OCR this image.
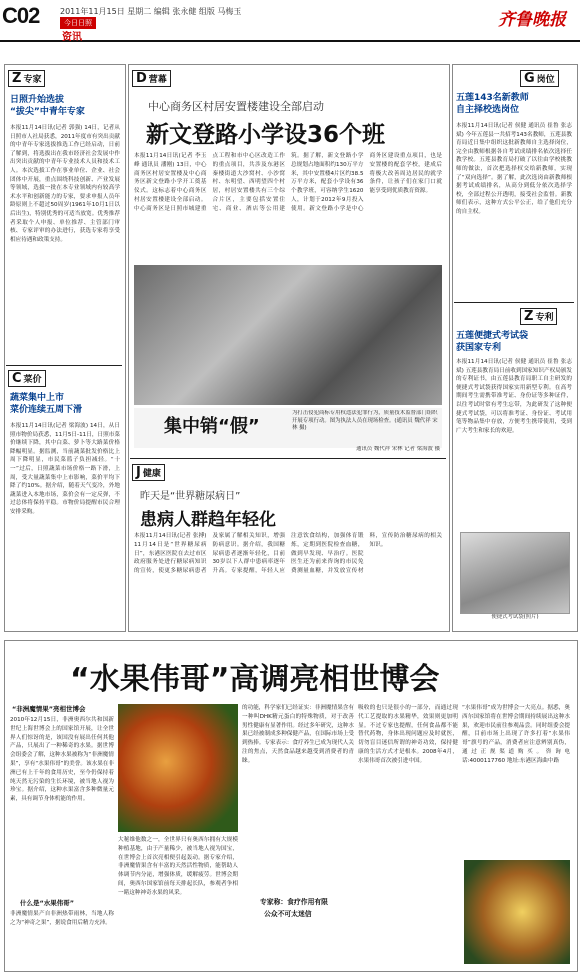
C02	2011年11月15日 星期二 编辑 张永健 组版 马梅玉
今日日照
资讯
齐鲁晚报
Z 专家
日照升始选拔
“拔尖”中青年专家
本报11月14日讯(记者 郭强) 14日，记者从日照市人社局获悉，2011年度市有突出贡献的中青年专家选拔推选工作已经启动，日前了解到，将选拔出在我市经济社会发展中作出突出贡献的中青年专业技术人员和技术工人。本次选拔工作在事业单位、企业、社会团体中开展，重点围绕科技创新、产业发展等领域，选拔一批在本专业领域内有较高学术水平和创新能力的专家，要求申报人员年龄原则上不超过50周岁(1961年10月1日以后出生)，特别优秀的可适当放宽。优秀推荐者采取个人申报、单位推荐、主管部门审核、专家评审的办法进行，获选专家将享受相应待遇和政策支持。
C 菜价
蔬菜集中上市
菜价连续五周下滑
本报11月14日讯(记者 梁海波) 14日，从日照市物价局获悉，11月5日-11日，日照市菜价继续下降，其中白菜、萝卜等大路菜价格降幅明显。据监测，当前蔬菜批发价格比上周下降明显，市民菜篮子负担减轻。“十一”过后，日照蔬菜市场价格一路下滑，上周，受大量蔬菜集中上市影响，菜价平均下降了约10%。据介绍，随着天气变冷，外地蔬菜进入本地市场，菜价会有一定反弹，不过总体将保持平稳。市物价局提醒市民合理安排采购。
D 营幕
中心商务区村居安置楼建设全部启动
新文登路小学设36个班
本报11月14日讯(记者 李玉峰 通讯员 潘刚) 13日，中心商务区村居安置楼及中心商务区新文登路小学开工奠基仪式。这标志着中心商务区村居安置楼建设全部启动。中心商务区是日照市城建重点工程和市中心区改造工作的重点项目，共涉及东港区秦楼街道大沙窝村、小沙窝村、东明望、西明望四个村居，村居安置楼共有三个综合片区，主要包括安置住宅、商业、酒店等公用建筑。据了解，新文登路小学总规划占地面积约130万平方米，其中安置楼4片区约38.5万平方米，配套小学设有36个教学班，可容纳学生1620人，计划于2012年9月投入使用。新文登路小学是中心商务区建设重点项目，也是安置楼的配套学校，建成后将极大改善周边居民的就学条件，让孩子们在家门口就能享受到优质教育资源。
集中销“假”
为打击侵犯商标专用权违法犯罪行为，质量技术监督部门组织开展专项行动。图为执法人员在现场检查。(通讯员 魏代祥 宋林 摄)
通讯员 魏代祥 宋林 记者 梁海波 摄
J 健康
昨天是“世界糖尿病日”
患病人群趋年轻化
本报11月14日讯(记者 张搏) 11月14日是“世界糖尿病日”，东港区医院在去过市区政府服务处进行糖尿病知识的宣传，使更多糖尿病患者及家属了解相关知识，增强防病意识。据介绍，我国糖尿病患者逐渐年轻化，目前30岁以下人群中患病率逐年升高。专家提醒，年轻人应注意饮食结构，加强体育锻炼，定期到医院检查血糖，做到早发现、早治疗。医院医生还为前来咨询的市民免费测量血糖，并发放宣传材料，宣传防治糖尿病的相关知识。
G 岗位
五莲143名新教师
自主择校选岗位
本报11月14日讯(记者 侯健 通讯员 崔鲁 张志斌) 今年五莲县一共招考143名教师，五莲县教育局近日集中组织这批新教师自主选择岗位，完全由教师根据各自考试成绩排名依次选择任教学校。五莲县教育局打破了以往由学校挑教师的做法，首次把选择权交给新教师，实现了“双向选择”。据了解，此次选岗由新教师根据考试成绩排名，从高分到低分依次选择学校，全部过程公开透明，接受社会监督。新教师们表示，这种方式公平公正，给了他们充分的自主权。
Z 专利
五莲便捷式考试袋
获国家专利
本报11月14日讯(记者 侯健 通讯员 崔鲁 张志斌) 五莲县教育局日前收到国家知识产权局颁发的专利证书，由五莲县教育局职工自主研发的便捷式考试袋获得国家实用新型专利。在高考期间考生需携带准考证、身份证等多种证件，以往考试时常有考生忘带，为此研发了这种便捷式考试袋，可以将准考证、身份证、考试用笔等物品集中存放，方便考生携带使用，受到广大考生和家长的欢迎。
便捷式考试袋(照片)
“水果伟哥”高调亮相世博会
“非洲魔情果”亮相世博会
2010年12月15日，非洲奥西尔共和国新世纪上海世博会上的国家馆开展，让全世界人们惊讶的是，该国没有展出任何其他产品，只展出了一种稀奇的水果。据世博会组委会了解，这种水果被称为“非洲魔情果”，享有“水果伟哥”的美誉。该水果在非洲已有上千年的食用历史，至今仍保持着纯天然无污染的生长环境，被当地人视为珍宝。据介绍，这种水果富含多种微量元素，具有调节身体机能的作用。
什么是“水果伟哥”
非洲魔情果产自非洲热带雨林，当地人称之为“神奇之果”，据说食用后精力充沛。
大秘维他数之一，全世界只有奥西尔拥有大规模种植基地，由于产量稀少，被当地人视为国宝，在世博会上首次亮相便引起轰动。据专家介绍，非洲魔情果含有丰富的天然活性物质，能帮助人体调节内分泌，增强体质，缓解疲劳。世博会期间，奥西尔国家馆前每天排起长队，参观者争相一睹这种神奇水果的风采。
的功能，科学家们已经证实：非洲魔情果含有一种叫DHK精元蛋白的特殊物质，对于改善男性健康有显著作用。经过多年研究，这种水果已经被制成多种保健产品，在国际市场上受到热捧。专家表示：食疗养生已成为现代人关注的焦点，天然食品越来越受到消费者的青睐。
专家称：食疗作用有限
公众不可太迷信
吸收的也只是很小的一部分，而通过现代工艺提取的水果精华，效果则更加明显。不过专家也提醒，任何食品都不能替代药物，身体出现问题应及时就医，切勿盲目迷信所谓的神奇功效，保持健康的生活方式才是根本。2008年4月，水果伟哥首次被引进中国。
“水果伟哥”成为世博会一大亮点。据悉，奥西尔国家馆将在世博会期间持续展出这种水果，欢迎市民前往参观品尝。同时组委会提醒，目前市场上出现了许多打着“水果伟哥”旗号的产品，消费者应注意辨别真伪，通过正规渠道购买。咨询电话:4000117760 地址:东港区海曲中路
